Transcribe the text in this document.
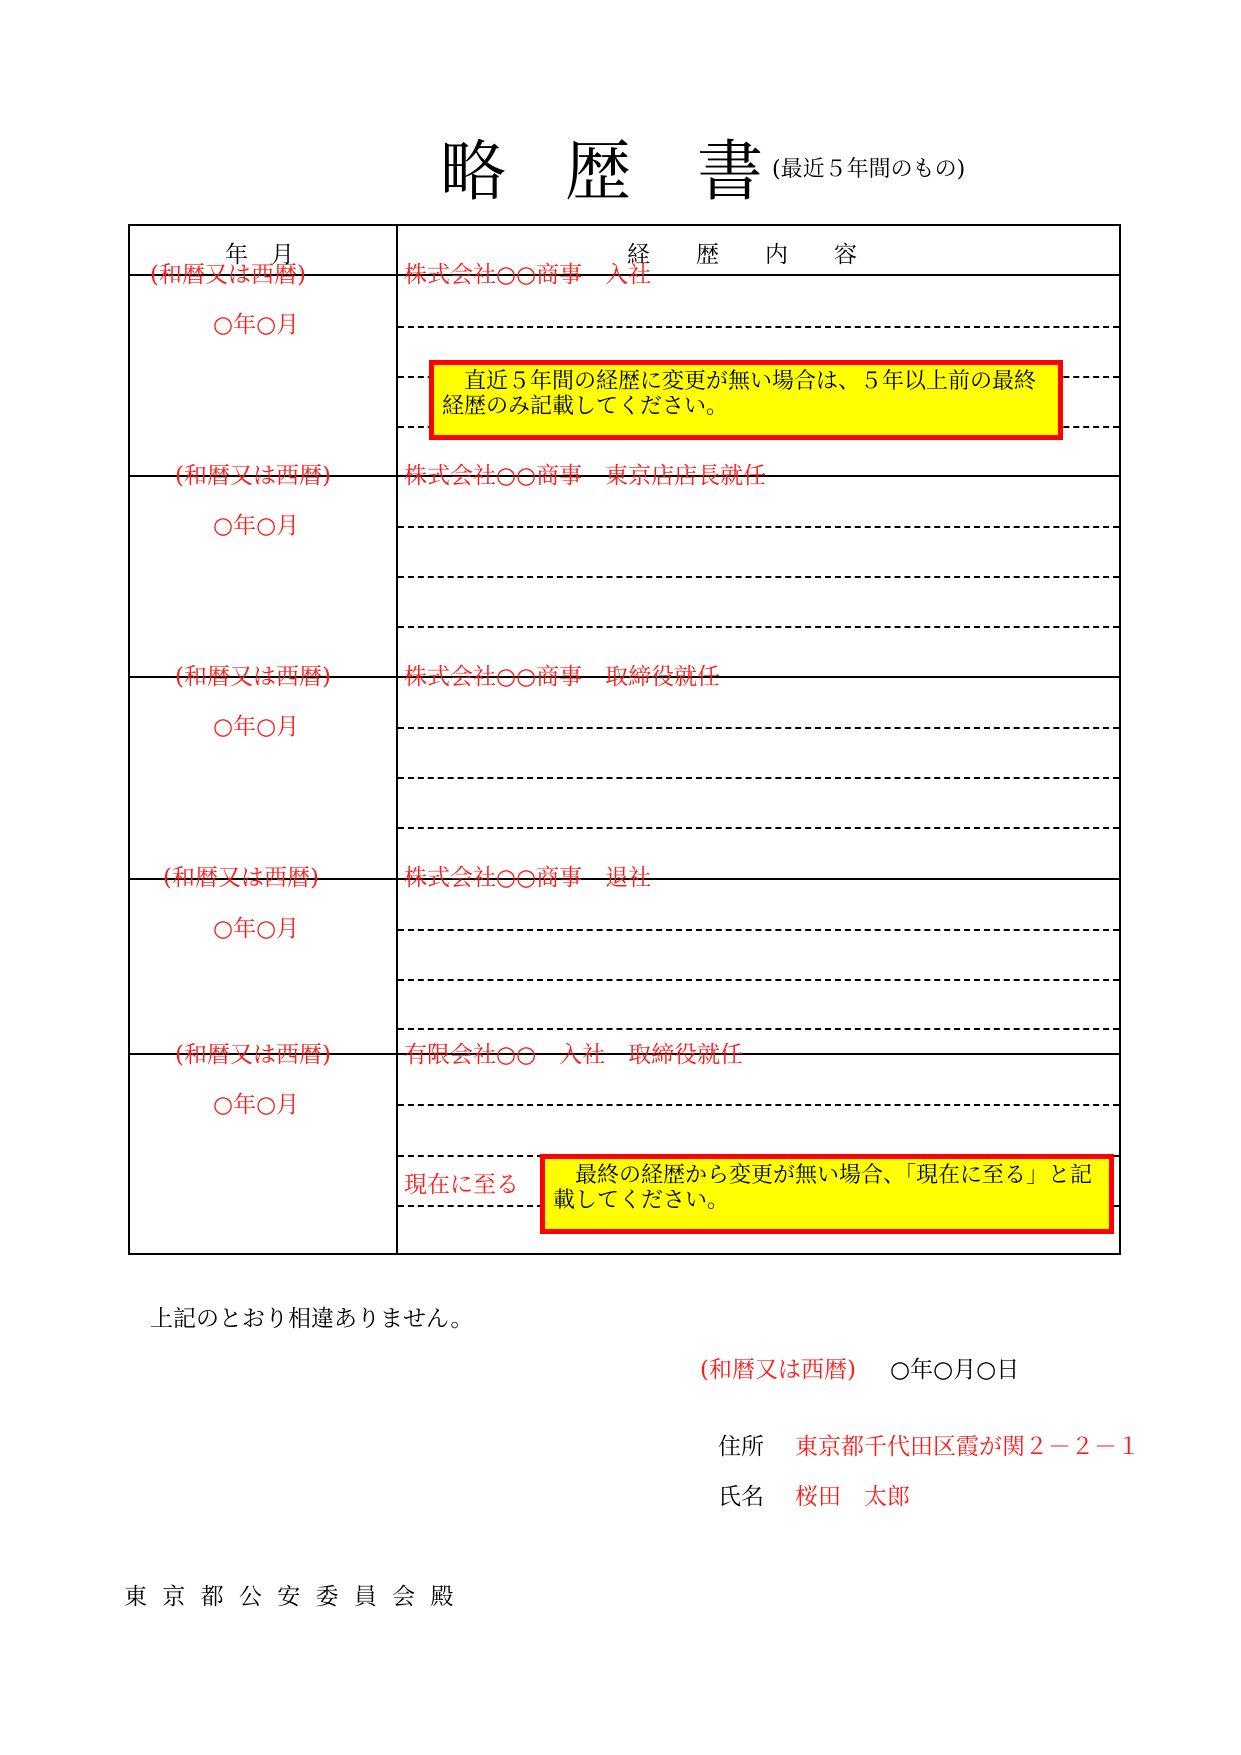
略 歴 書 (最近５年間のもの)
年　月	経　　歴　　内　　容
(和暦又は西暦)
○年○月
株式会社○○商事　入社
　直近５年間の経歴に変更が無い場合は、５年以上前の最終経歴のみ記載してください。
(和暦又は西暦)
○年○月
株式会社○○商事　東京店店長就任
(和暦又は西暦)
○年○月
株式会社○○商事　取締役就任
(和暦又は西暦)
○年○月
株式会社○○商事　退社
(和暦又は西暦)
○年○月
有限会社○○　入社　取締役就任
現在に至る	　最終の経歴から変更が無い場合、「現在に至る」と記載してください。
上記のとおり相違ありません。
(和暦又は西暦) ○年○月○日
住所 東京都千代田区霞が関２－２－１
氏名 桜田　太郎
東 京 都 公 安 委 員 会 殿
